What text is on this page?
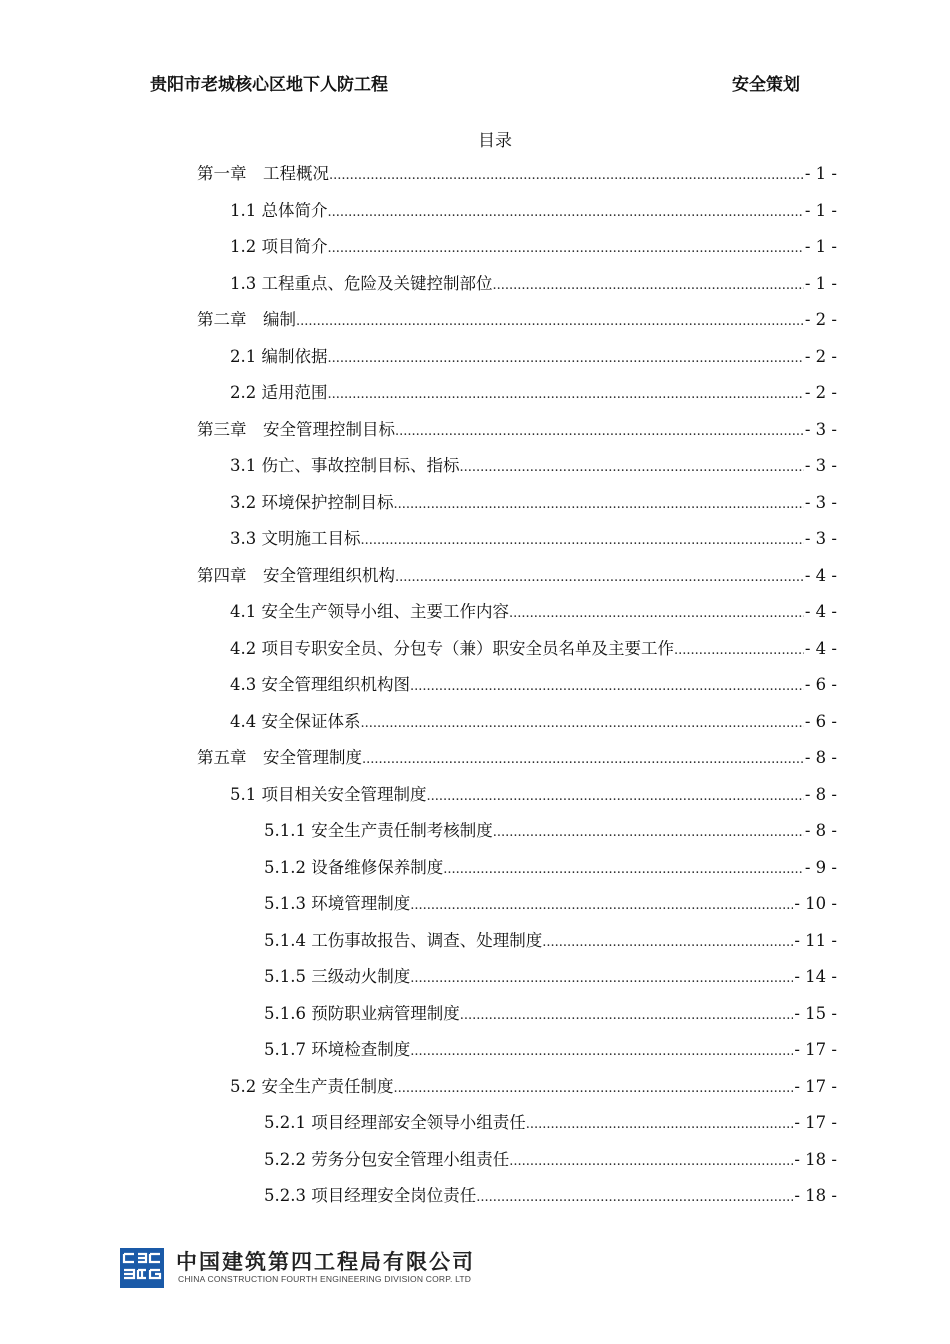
贵阳市老城核心区地下人防工程	安全策划
目录
第一章　工程概况 .....	- 1 -
1.1 总体简介 .....	- 1 -
1.2 项目简介 .....	- 1 -
1.3 工程重点、危险及关键控制部位 .....	- 1 -
第二章　编制 .....	- 2 -
2.1 编制依据 .....	- 2 -
2.2 适用范围 .....	- 2 -
第三章　安全管理控制目标 .....	- 3 -
3.1 伤亡、事故控制目标、指标 .....	- 3 -
3.2 环境保护控制目标 .....	- 3 -
3.3 文明施工目标 .....	- 3 -
第四章　安全管理组织机构 .....	- 4 -
4.1 安全生产领导小组、主要工作内容 .....	- 4 -
4.2 项目专职安全员、分包专（兼）职安全员名单及主要工作 .....	- 4 -
4.3 安全管理组织机构图 .....	- 6 -
4.4 安全保证体系 .....	- 6 -
第五章　安全管理制度 .....	- 8 -
5.1 项目相关安全管理制度 .....	- 8 -
5.1.1 安全生产责任制考核制度 .....	- 8 -
5.1.2 设备维修保养制度 .....	- 9 -
5.1.3 环境管理制度 .....	- 10 -
5.1.4 工伤事故报告、调查、处理制度 .....	- 11 -
5.1.5 三级动火制度 .....	- 14 -
5.1.6 预防职业病管理制度 .....	- 15 -
5.1.7 环境检查制度 .....	- 17 -
5.2 安全生产责任制度 .....	- 17 -
5.2.1 项目经理部安全领导小组责任 .....	- 17 -
5.2.2 劳务分包安全管理小组责任 .....	- 18 -
5.2.3 项目经理安全岗位责任 .....	- 18 -
中国建筑第四工程局有限公司
CHINA CONSTRUCTION FOURTH ENGINEERING DIVISION CORP. LTD
